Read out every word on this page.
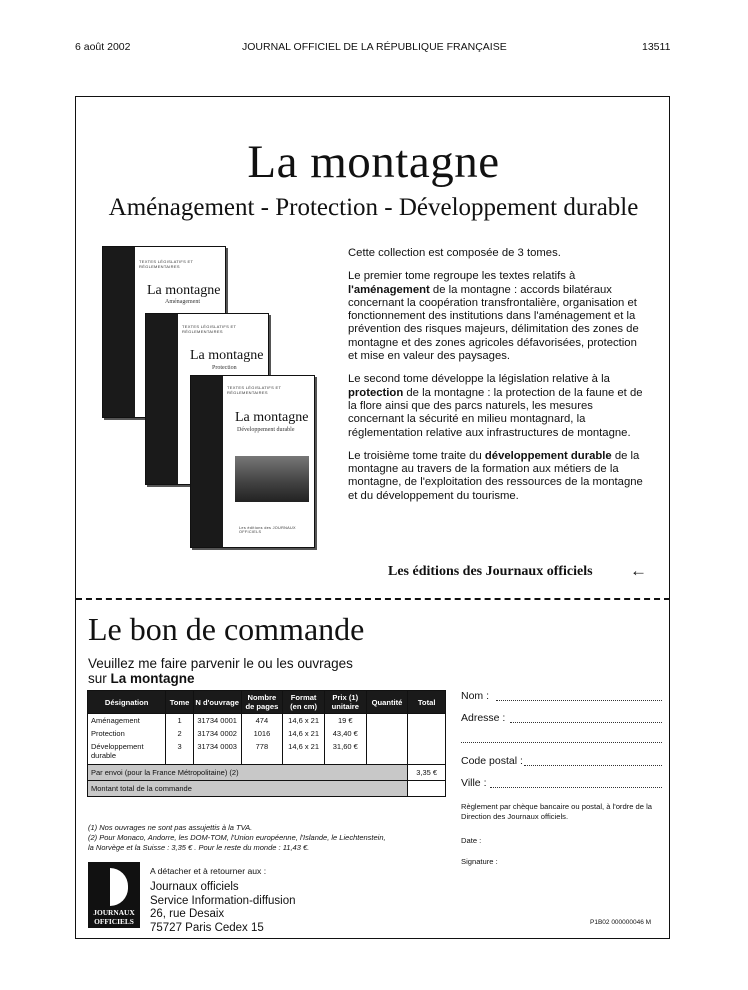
6 août 2002	JOURNAL OFFICIEL DE LA RÉPUBLIQUE FRANÇAISE	13511
La montagne
Aménagement - Protection - Développement durable
TEXTES LÉGISLATIFS ET RÉGLEMENTAIRES
La montagne
Aménagement
TEXTES LÉGISLATIFS ET RÉGLEMENTAIRES
La montagne
Protection
TEXTES LÉGISLATIFS ET RÉGLEMENTAIRES
La montagne
Développement durable
Les éditions des JOURNAUX OFFICIELS

Cette collection est composée de 3 tomes.

Le premier tome regroupe les textes relatifs à l'aménagement de la montagne : accords bilatéraux concernant la coopération transfrontalière, organisation et fonctionnement des institutions dans l'aménagement et la prévention des risques majeurs, délimitation des zones de montagne et des zones agricoles défavorisées, protection et mise en valeur des paysages.

Le second tome développe la législation relative à la protection de la montagne : la protection de la faune et de la flore ainsi que des parcs naturels, les mesures concernant la sécurité en milieu montagnard, la réglementation relative aux infrastructures de montagne.

Le troisième tome traite du développement durable de la montagne au travers de la formation aux métiers de la montagne, de l'exploitation des ressources de la montagne et du développement du tourisme.

Les éditions des Journaux officiels ←
Le bon de commande
Veuillez me faire parvenir le ou les ouvrages
sur La montagne
Désignation	Tome	N d'ouvrage	Nombre de pages	Format (en cm)	Prix (1) unitaire	Quantité	Total
Aménagement	1	31734 0001	474	14,6 x 21	19 €		
Protection	2	31734 0002	1016	14,6 x 21	43,40 €		
Développement durable	3	31734 0003	778	14,6 x 21	31,60 €		
Par envoi (pour la France Métropolitaine) (2)							3,35 €
Montant total de la commande							
(1) Nos ouvrages ne sont pas assujettis à la TVA.
(2) Pour Monaco, Andorre, les DOM-TOM, l'Union européenne, l'Islande, le Liechtenstein,
la Norvège et la Suisse : 3,35 € . Pour le reste du monde : 11,43 €.
JOURNAUX
OFFICIELS
A détacher et à retourner aux :
Journaux officiels
Service Information-diffusion
26, rue Desaix
75727 Paris Cedex 15
Nom :
Adresse :
Code postal :
Ville :
Règlement par chèque bancaire ou postal, à l'ordre de la Direction des Journaux officiels.
Date :
Signature :
P1B02 000000046 M
